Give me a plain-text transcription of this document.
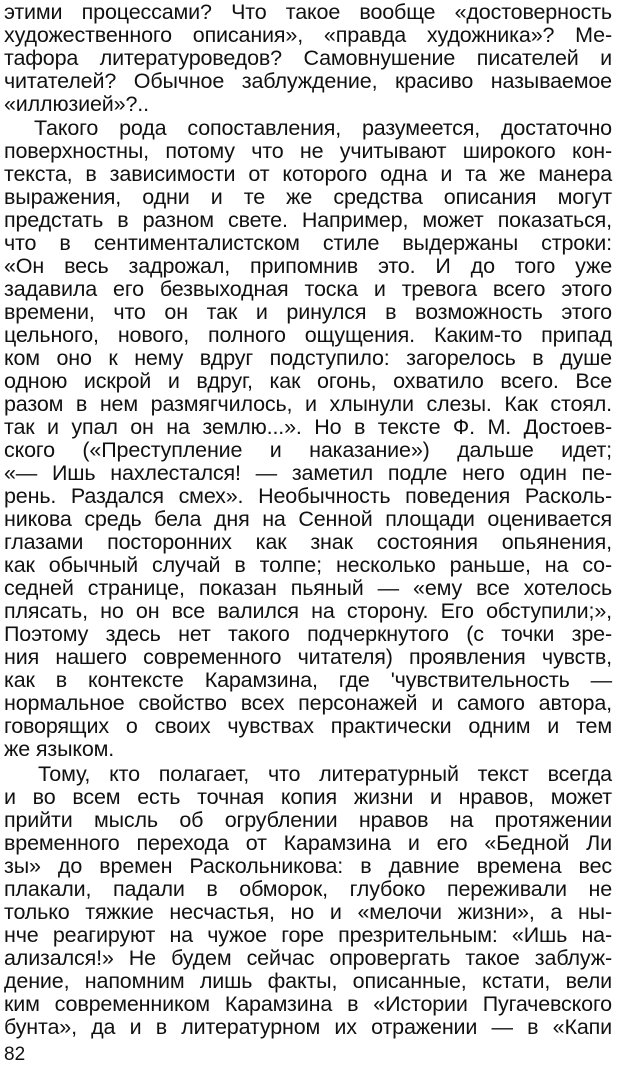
этими процессами? Что такое вообще «достоверность
художественного описания», «правда художника»? Ме-
тафора литературоведов? Самовнушение писателей и
читателей? Обычное заблуждение, красиво называемое
«иллюзией»?..
Такого рода сопоставления, разумеется, достаточно
поверхностны, потому что не учитывают широкого кон-
текста, в зависимости от которого одна и та же манера
выражения, одни и те же средства описания могут
предстать в разном свете. Например, может показаться,
что в сентименталистском стиле выдержаны строки:
«Он весь задрожал, припомнив это. И до того уже
задавила его безвыходная тоска и тревога всего этого
времени, что он так и ринулся в возможность этого
цельного, нового, полного ощущения. Каким-то припад
ком оно к нему вдруг подступило: загорелось в душе
одною искрой и вдруг, как огонь, охватило всего. Все
разом в нем размягчилось, и хлынули слезы. Как стоял.
так и упал он на землю...». Но в тексте Ф. М. Достоев-
ского («Преступление и наказание») дальше идет;
«— Ишь нахлестался! — заметил подле него один пе-
рень. Раздался смех». Необычность поведения Расколь-
никова средь бела дня на Сенной площади оценивается
глазами посторонних как знак состояния опьянения,
как обычный случай в толпе; несколько раньше, на со-
седней странице, показан пьяный — «ему все хотелось
плясать, но он все валился на сторону. Его обступили;»,
Поэтому здесь нет такого подчеркнутого (с точки зре-
ния нашего современного читателя) проявления чувств,
как в контексте Карамзина, где 'чувствительность —
нормальное свойство всех персонажей и самого автора,
говорящих о своих чувствах практически одним и тем
же языком.
Тому, кто полагает, что литературный текст всегда
и во всем есть точная копия жизни и нравов, может
прийти мысль об огрублении нравов на протяжении
временного перехода от Карамзина и его «Бедной Ли
зы» до времен Раскольникова: в давние времена вес
плакали, падали в обморок, глубоко переживали не
только тяжкие несчастья, но и «мелочи жизни», а ны-
нче реагируют на чужое горе презрительным: «Ишь на-
ализался!» Не будем сейчас опровергать такое заблуж-
дение, напомним лишь факты, описанные, кстати, вели
ким современником Карамзина в «Истории Пугачевского
бунта», да и в литературном их отражении — в «Капи
82
